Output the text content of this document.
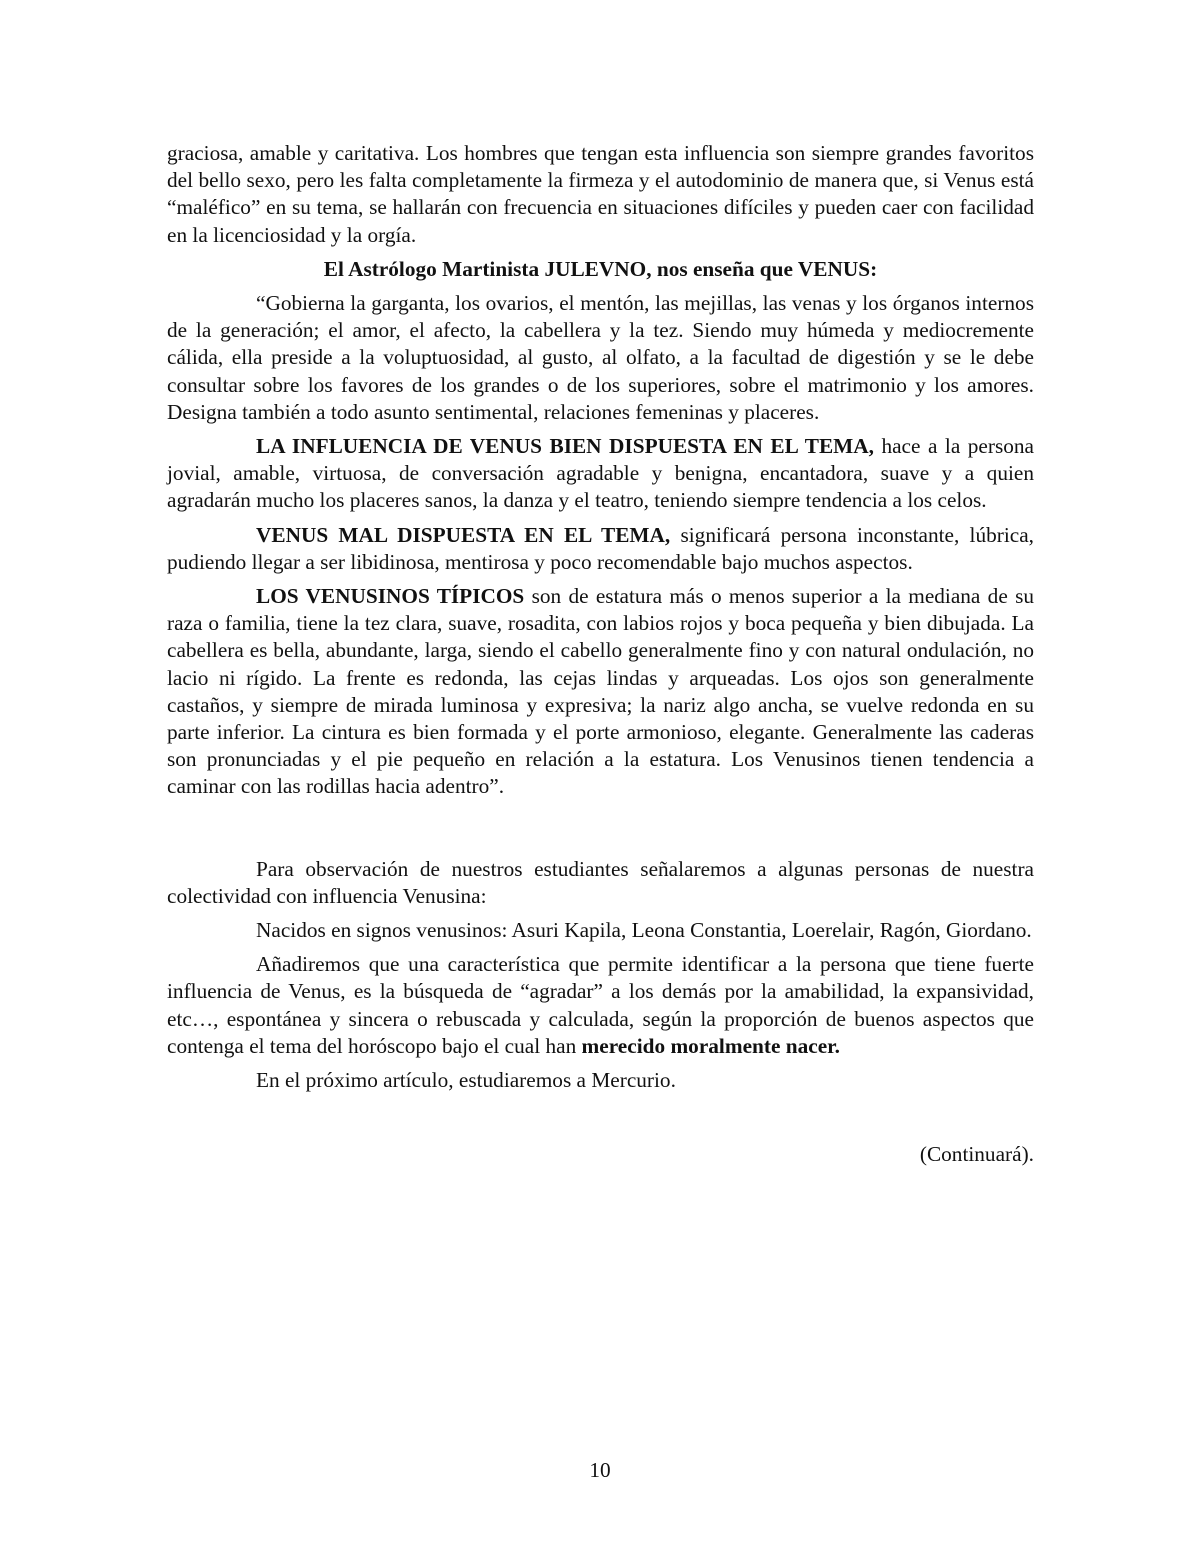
graciosa, amable y caritativa. Los hombres que tengan esta influencia son siempre grandes favoritos del bello sexo, pero les falta completamente la firmeza y el autodominio de manera que, si Venus está “maléfico” en su tema, se hallarán con frecuencia en situaciones difíciles y pueden caer con facilidad en la licenciosidad y la orgía.

El Astrólogo Martinista JULEVNO, nos enseña que VENUS:

“Gobierna la garganta, los ovarios, el mentón, las mejillas, las venas y los órganos internos de la generación; el amor, el afecto, la cabellera y la tez. Siendo muy húmeda y mediocremente cálida, ella preside a la voluptuosidad, al gusto, al olfato, a la facultad de digestión y se le debe consultar sobre los favores de los grandes o de los superiores, sobre el matrimonio y los amores. Designa también a todo asunto sentimental, relaciones femeninas y placeres.

LA INFLUENCIA DE VENUS BIEN DISPUESTA EN EL TEMA, hace a la persona jovial, amable, virtuosa, de conversación agradable y benigna, encantadora, suave y a quien agradarán mucho los placeres sanos, la danza y el teatro, teniendo siempre tendencia a los celos.

VENUS MAL DISPUESTA EN EL TEMA, significará persona inconstante, lúbrica, pudiendo llegar a ser libidinosa, mentirosa y poco recomendable bajo muchos aspectos.

LOS VENUSINOS TÍPICOS son de estatura más o menos superior a la mediana de su raza o familia, tiene la tez clara, suave, rosadita, con labios rojos y boca pequeña y bien dibujada. La cabellera es bella, abundante, larga, siendo el cabello generalmente fino y con natural ondulación, no lacio ni rígido. La frente es redonda, las cejas lindas y arqueadas. Los ojos son generalmente castaños, y siempre de mirada luminosa y expresiva; la nariz algo ancha, se vuelve redonda en su parte inferior. La cintura es bien formada y el porte armonioso, elegante. Generalmente las caderas son pronunciadas y el pie pequeño en relación a la estatura. Los Venusinos tienen tendencia a caminar con las rodillas hacia adentro”.

Para observación de nuestros estudiantes señalaremos a algunas personas de nuestra colectividad con influencia Venusina:

Nacidos en signos venusinos: Asuri Kapila, Leona Constantia, Loerelair, Ragón, Giordano.

Añadiremos que una característica que permite identificar a la persona que tiene fuerte influencia de Venus, es la búsqueda de “agradar” a los demás por la amabilidad, la expansividad, etc…, espontánea y sincera o rebuscada y calculada, según la proporción de buenos aspectos que contenga el tema del horóscopo bajo el cual han merecido moralmente nacer.

En el próximo artículo, estudiaremos a Mercurio.

(Continuará).

10
